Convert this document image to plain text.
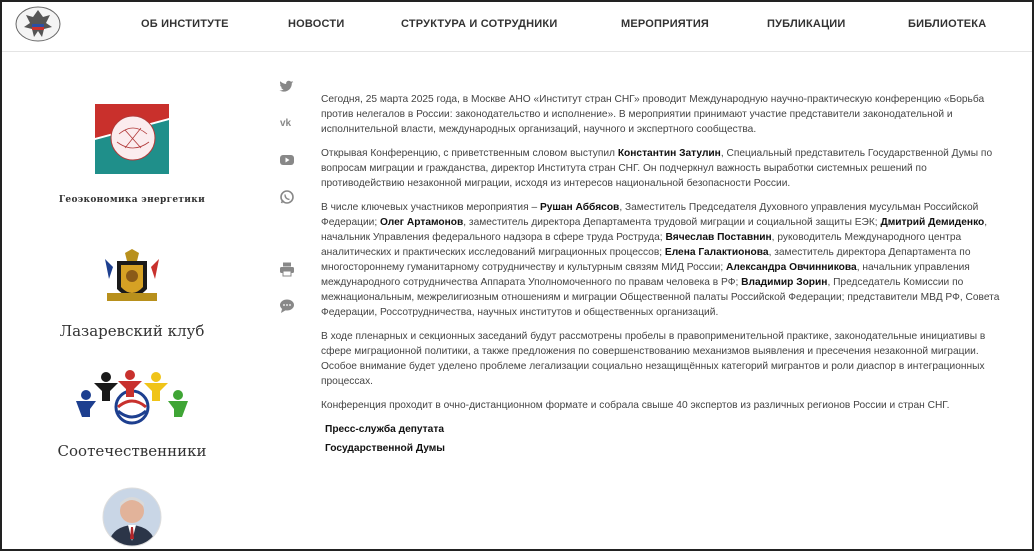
ОБ ИНСТИТУТЕ	НОВОСТИ	СТРУКТУРА И СОТРУДНИКИ	МЕРОПРИЯТИЯ	ПУБЛИКАЦИИ	БИБЛИОТЕКА
Геоэкономика энергетики
Лазаревский клуб
Соотечественники
vk

Сегодня, 25 марта 2025 года, в Москве АНО «Институт стран СНГ» проводит Международную научно-практическую конференцию «Борьба против нелегалов в России: законодательство и исполнение». В мероприятии принимают участие представители законодательной и исполнительной власти, международных организаций, научного и экспертного сообщества.

Открывая Конференцию, с приветственным словом выступил Константин Затулин, Специальный представитель Государственной Думы по вопросам миграции и гражданства, директор Института стран СНГ. Он подчеркнул важность выработки системных решений по противодействию незаконной миграции, исходя из интересов национальной безопасности России.

В числе ключевых участников мероприятия – Рушан Аббясов, Заместитель Председателя Духовного управления мусульман Российской Федерации; Олег Артамонов, заместитель директора Департамента трудовой миграции и социальной защиты ЕЭК; Дмитрий Демиденко, начальник Управления федерального надзора в сфере труда Роструда; Вячеслав Поставнин, руководитель Международного центра аналитических и практических исследований миграционных процессов; Елена Галактионова, заместитель директора Департамента по многостороннему гуманитарному сотрудничеству и культурным связям МИД России; Александра Овчинникова, начальник управления международного сотрудничества Аппарата Уполномоченного по правам человека в РФ; Владимир Зорин, Председатель Комиссии по межнациональным, межрелигиозным отношениям и миграции Общественной палаты Российской Федерации; представители МВД РФ, Совета Федерации, Россотрудничества, научных институтов и общественных организаций.

В ходе пленарных и секционных заседаний будут рассмотрены пробелы в правоприменительной практике, законодательные инициативы в сфере миграционной политики, а также предложения по совершенствованию механизмов выявления и пресечения незаконной миграции. Особое внимание будет уделено проблеме легализации социально незащищённых категорий мигрантов и роли диаспор в интеграционных процессах.

Конференция проходит в очно-дистанционном формате и собрала свыше 40 экспертов из различных регионов России и стран СНГ.

Пресс-служба депутата
Государственной Думы
